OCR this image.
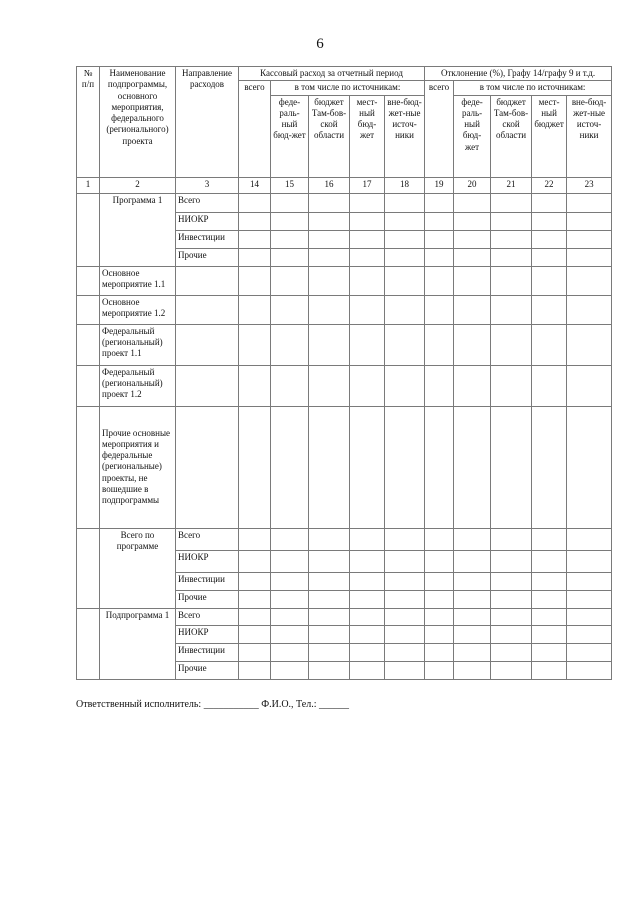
6
№ п/п	Наименование подпрограммы, основного мероприятия, федерального (регионального) проекта	Направление расходов	Кассовый расход за отчетный период					Отклонение (%), Графу 14/графу 9 и т.д.				
			всего	в том числе по источникам:				всего	в том числе по источникам:			
				феде-раль-ный бюд-жет	бюджет Там-бов-ской области	мест-ный бюд-жет	вне-бюд-жет-ные источ-ники		феде-раль-ный бюд-жет	бюджет Там-бов-ской области	мест-ный бюджет	вне-бюд-жет-ные источ-ники
1	2	3	14	15	16	17	18	19	20	21	22	23
	Программа 1	Всего										
		НИОКР										
		Инвестиции										
		Прочие										
	Основное мероприятие 1.1											
	Основное мероприятие 1.2											
	Федеральный (региональный) проект 1.1											
	Федеральный (региональный) проект 1.2											
	Прочие основные мероприятия и федеральные (региональные) проекты, не вошедшие в подпрограммы											
	Всего по программе	Всего										
		НИОКР										
		Инвестиции										
		Прочие										
	Подпрограмма 1	Всего										
		НИОКР										
		Инвестиции										
		Прочие										
Ответственный исполнитель: ___________ Ф.И.О., Тел.: ______
